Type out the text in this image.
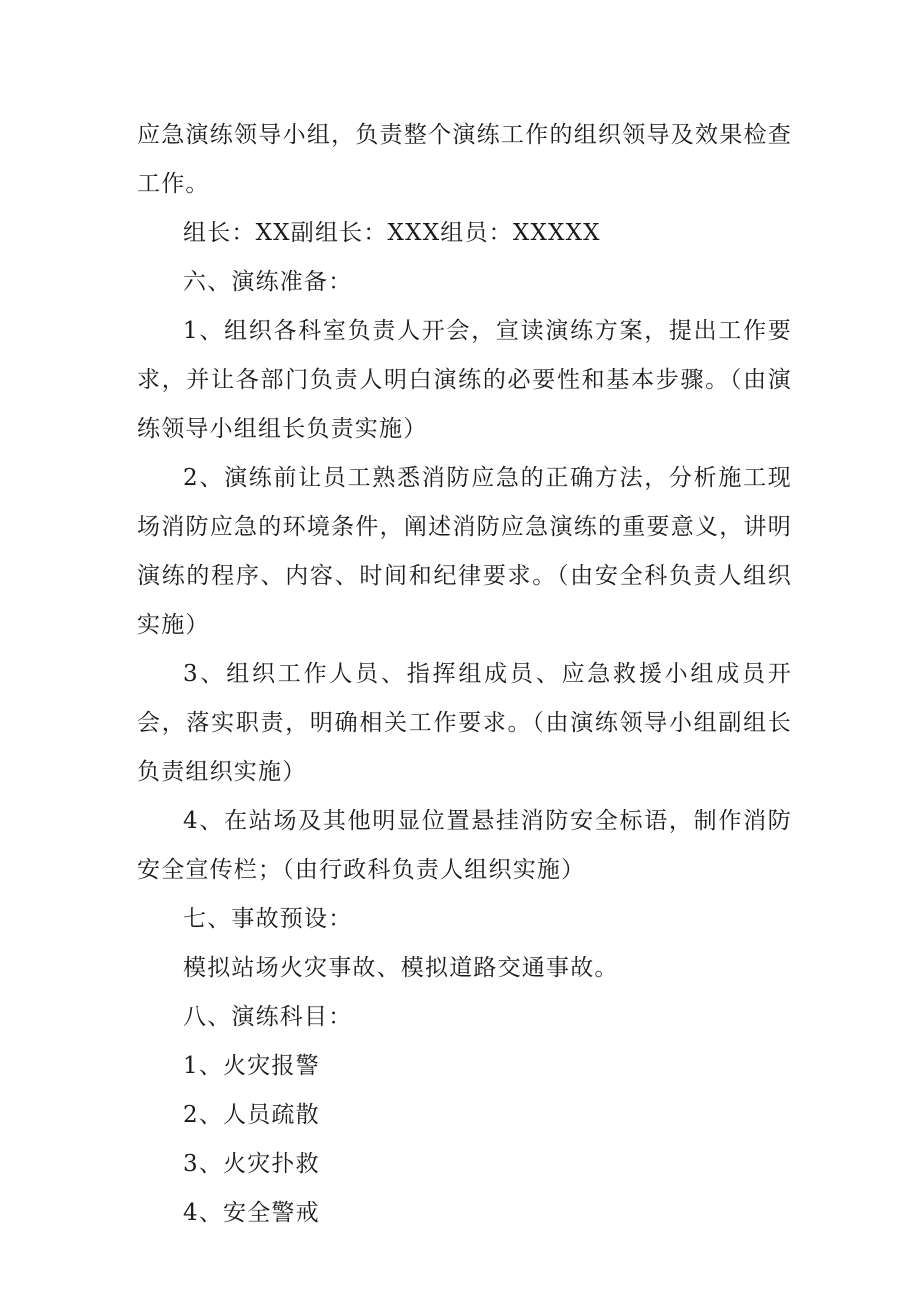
应急演练领导小组，负责整个演练工作的组织领导及效果检查工作。

组长：XX副组长：XXX组员：XXXXX

六、演练准备：

1、组织各科室负责人开会，宣读演练方案，提出工作要求，并让各部门负责人明白演练的必要性和基本步骤。（由演练领导小组组长负责实施）

2、演练前让员工熟悉消防应急的正确方法，分析施工现场消防应急的环境条件，阐述消防应急演练的重要意义，讲明演练的程序、内容、时间和纪律要求。（由安全科负责人组织实施）

3、组织工作人员、指挥组成员、应急救援小组成员开会，落实职责，明确相关工作要求。（由演练领导小组副组长负责组织实施）

4、在站场及其他明显位置悬挂消防安全标语，制作消防安全宣传栏；（由行政科负责人组织实施）

七、事故预设：

模拟站场火灾事故、模拟道路交通事故。

八、演练科目：

1、火灾报警

2、人员疏散

3、火灾扑救

4、安全警戒
